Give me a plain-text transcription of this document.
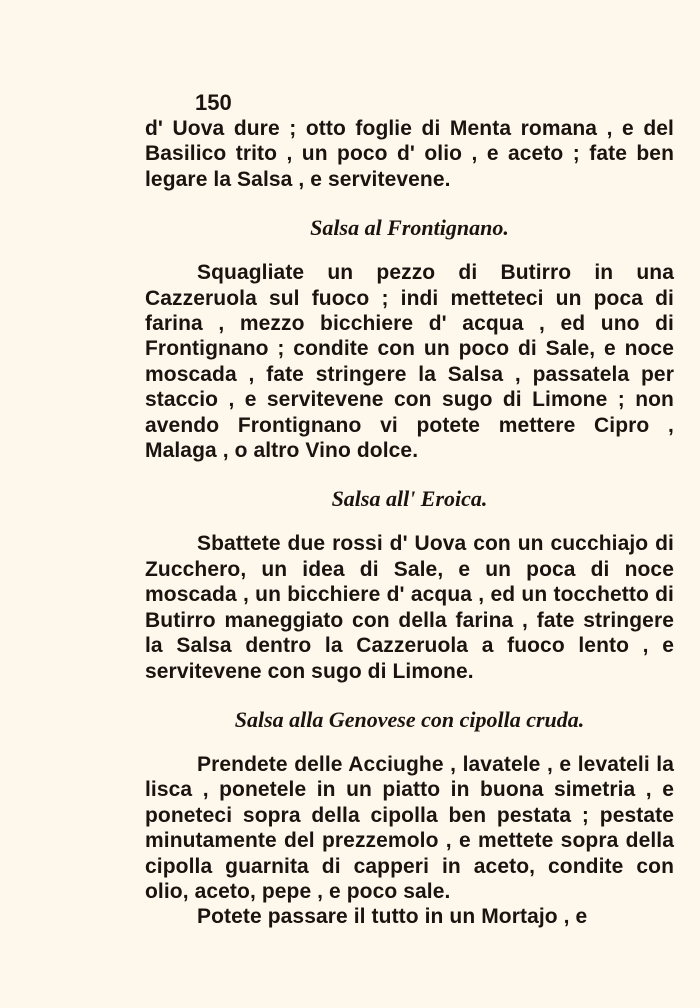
150

d' Uova dure ; otto foglie di Menta romana , e del Basilico trito , un poco d' olio , e aceto ; fate ben legare la Salsa , e servitevene.

Salsa al Frontignano.

Squagliate un pezzo di Butirro in una Cazzeruola sul fuoco ; indi metteteci un poca di farina , mezzo bicchiere d' acqua , ed uno di Frontignano ; condite con un poco di Sale, e noce moscada , fate stringere la Salsa , passatela per staccio , e servitevene con sugo di Limone ; non avendo Frontignano vi potete mettere Cipro , Malaga , o altro Vino dolce.

Salsa all' Eroica.

Sbattete due rossi d' Uova con un cucchiajo di Zucchero, un idea di Sale, e un poca di noce moscada , un bicchiere d' acqua , ed un tocchetto di Butirro maneggiato con della farina , fate stringere la Salsa dentro la Cazzeruola a fuoco lento , e servitevene con sugo di Limone.

Salsa alla Genovese con cipolla cruda.

Prendete delle Acciughe , lavatele , e levateli la lisca , ponetele in un piatto in buona simetria , e poneteci sopra della cipolla ben pestata ; pestate minutamente del prezzemolo , e mettete sopra della cipolla guarnita di capperi in aceto, condite con olio, aceto, pepe , e poco sale.

Potete passare il tutto in un Mortajo , e
